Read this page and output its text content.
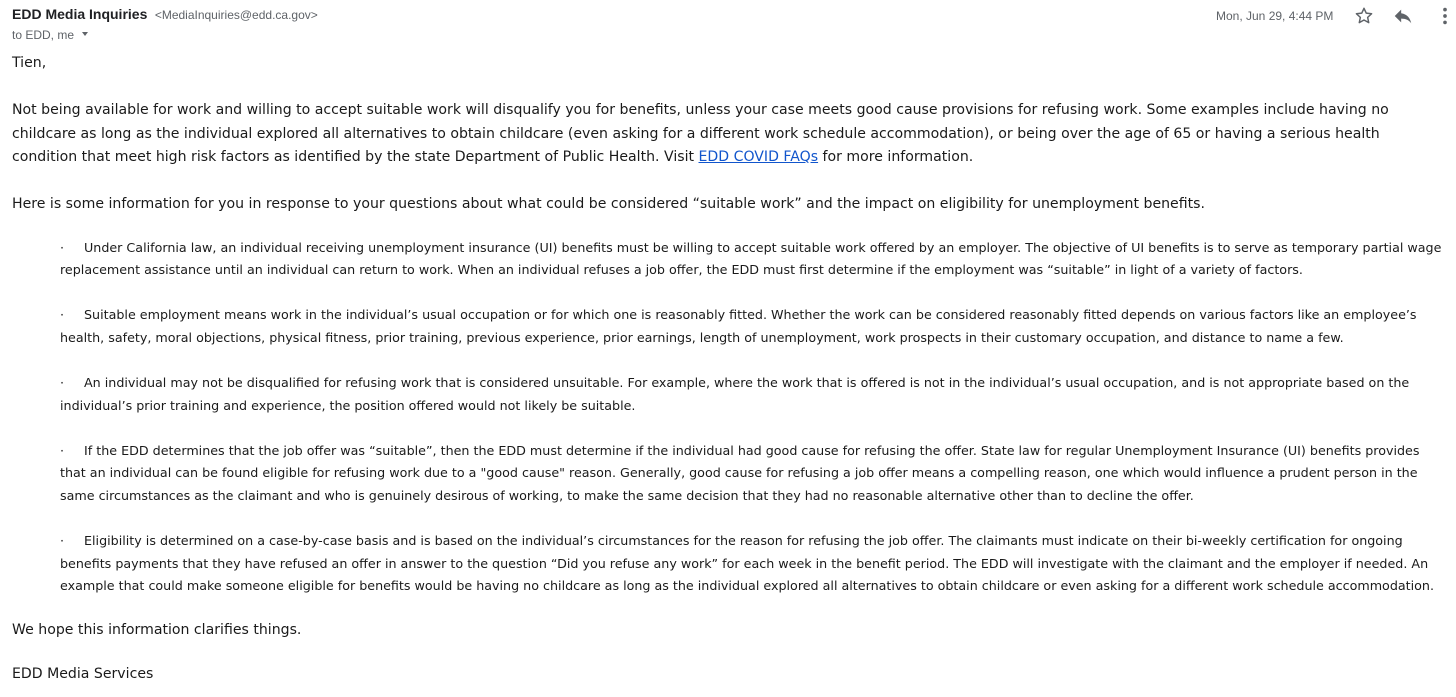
EDD Media Inquiries <MediaInquiries@edd.ca.gov>
to EDD, me
Mon, Jun 29, 4:44 PM

Tien,

Not being available for work and willing to accept suitable work will disqualify you for benefits, unless your case meets good cause provisions for refusing work. Some examples include having no childcare as long as the individual explored all alternatives to obtain childcare (even asking for a different work schedule accommodation), or being over the age of 65 or having a serious health condition that meet high risk factors as identified by the state Department of Public Health. Visit EDD COVID FAQs for more information.

Here is some information for you in response to your questions about what could be considered “suitable work” and the impact on eligibility for unemployment benefits.

· Under California law, an individual receiving unemployment insurance (UI) benefits must be willing to accept suitable work offered by an employer. The objective of UI benefits is to serve as temporary partial wage replacement assistance until an individual can return to work. When an individual refuses a job offer, the EDD must first determine if the employment was “suitable” in light of a variety of factors.

· Suitable employment means work in the individual’s usual occupation or for which one is reasonably fitted. Whether the work can be considered reasonably fitted depends on various factors like an employee’s health, safety, moral objections, physical fitness, prior training, previous experience, prior earnings, length of unemployment, work prospects in their customary occupation, and distance to name a few.

· An individual may not be disqualified for refusing work that is considered unsuitable. For example, where the work that is offered is not in the individual’s usual occupation, and is not appropriate based on the individual’s prior training and experience, the position offered would not likely be suitable.

· If the EDD determines that the job offer was “suitable”, then the EDD must determine if the individual had good cause for refusing the offer. State law for regular Unemployment Insurance (UI) benefits provides that an individual can be found eligible for refusing work due to a "good cause" reason. Generally, good cause for refusing a job offer means a compelling reason, one which would influence a prudent person in the same circumstances as the claimant and who is genuinely desirous of working, to make the same decision that they had no reasonable alternative other than to decline the offer.

· Eligibility is determined on a case-by-case basis and is based on the individual’s circumstances for the reason for refusing the job offer. The claimants must indicate on their bi-weekly certification for ongoing benefits payments that they have refused an offer in answer to the question “Did you refuse any work” for each week in the benefit period. The EDD will investigate with the claimant and the employer if needed. An example that could make someone eligible for benefits would be having no childcare as long as the individual explored all alternatives to obtain childcare or even asking for a different work schedule accommodation.

We hope this information clarifies things.

EDD Media Services
